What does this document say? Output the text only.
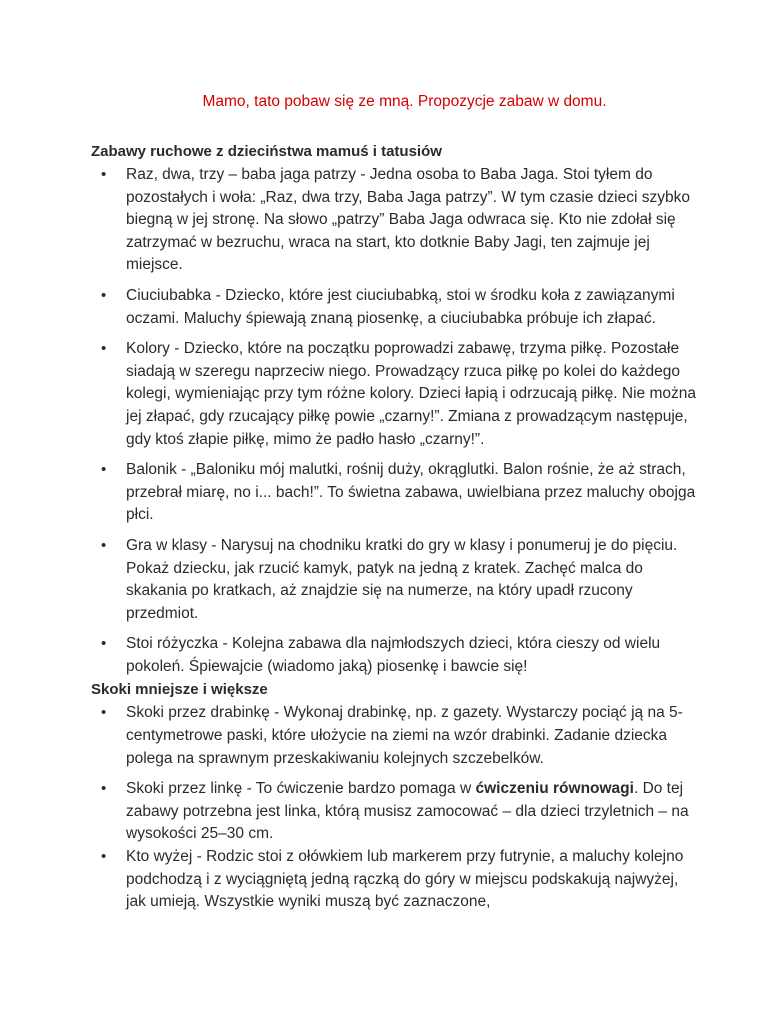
Mamo, tato pobaw się ze mną. Propozycje zabaw w domu.

Zabawy ruchowe z dzieciństwa mamuś i tatusiów
• Raz, dwa, trzy – baba jaga patrzy - Jedna osoba to Baba Jaga. Stoi tyłem do pozostałych i woła: „Raz, dwa trzy, Baba Jaga patrzy”. W tym czasie dzieci szybko biegną w jej stronę. Na słowo „patrzy” Baba Jaga odwraca się. Kto nie zdołał się zatrzymać w bezruchu, wraca na start, kto dotknie Baby Jagi, ten zajmuje jej miejsce.
• Ciuciubabka - Dziecko, które jest ciuciubabką, stoi w środku koła z zawiązanymi oczami. Maluchy śpiewają znaną piosenkę, a ciuciubabka próbuje ich złapać.
• Kolory - Dziecko, które na początku poprowadzi zabawę, trzyma piłkę. Pozostałe siadają w szeregu naprzeciw niego. Prowadzący rzuca piłkę po kolei do każdego kolegi, wymieniając przy tym różne kolory. Dzieci łapią i odrzucają piłkę. Nie można jej złapać, gdy rzucający piłkę powie „czarny!”. Zmiana z prowadzącym następuje, gdy ktoś złapie piłkę, mimo że padło hasło „czarny!”.
• Balonik - „Baloniku mój malutki, rośnij duży, okrąglutki. Balon rośnie, że aż strach, przebrał miarę, no i... bach!”. To świetna zabawa, uwielbiana przez maluchy obojga płci.
• Gra w klasy - Narysuj na chodniku kratki do gry w klasy i ponumeruj je do pięciu. Pokaż dziecku, jak rzucić kamyk, patyk na jedną z kratek. Zachęć malca do skakania po kratkach, aż znajdzie się na numerze, na który upadł rzucony przedmiot.
• Stoi różyczka - Kolejna zabawa dla najmłodszych dzieci, która cieszy od wielu pokoleń. Śpiewajcie (wiadomo jaką) piosenkę i bawcie się!
Skoki mniejsze i większe
• Skoki przez drabinkę - Wykonaj drabinkę, np. z gazety. Wystarczy pociąć ją na 5-centymetrowe paski, które ułożycie na ziemi na wzór drabinki. Zadanie dziecka polega na sprawnym przeskakiwaniu kolejnych szczebelków.
• Skoki przez linkę - To ćwiczenie bardzo pomaga w ćwiczeniu równowagi. Do tej zabawy potrzebna jest linka, którą musisz zamocować – dla dzieci trzyletnich – na wysokości 25–30 cm.
• Kto wyżej - Rodzic stoi z ołówkiem lub markerem przy futrynie, a maluchy kolejno podchodzą i z wyciągniętą jedną rączką do góry w miejscu podskakują najwyżej, jak umieją. Wszystkie wyniki muszą być zaznaczone,
